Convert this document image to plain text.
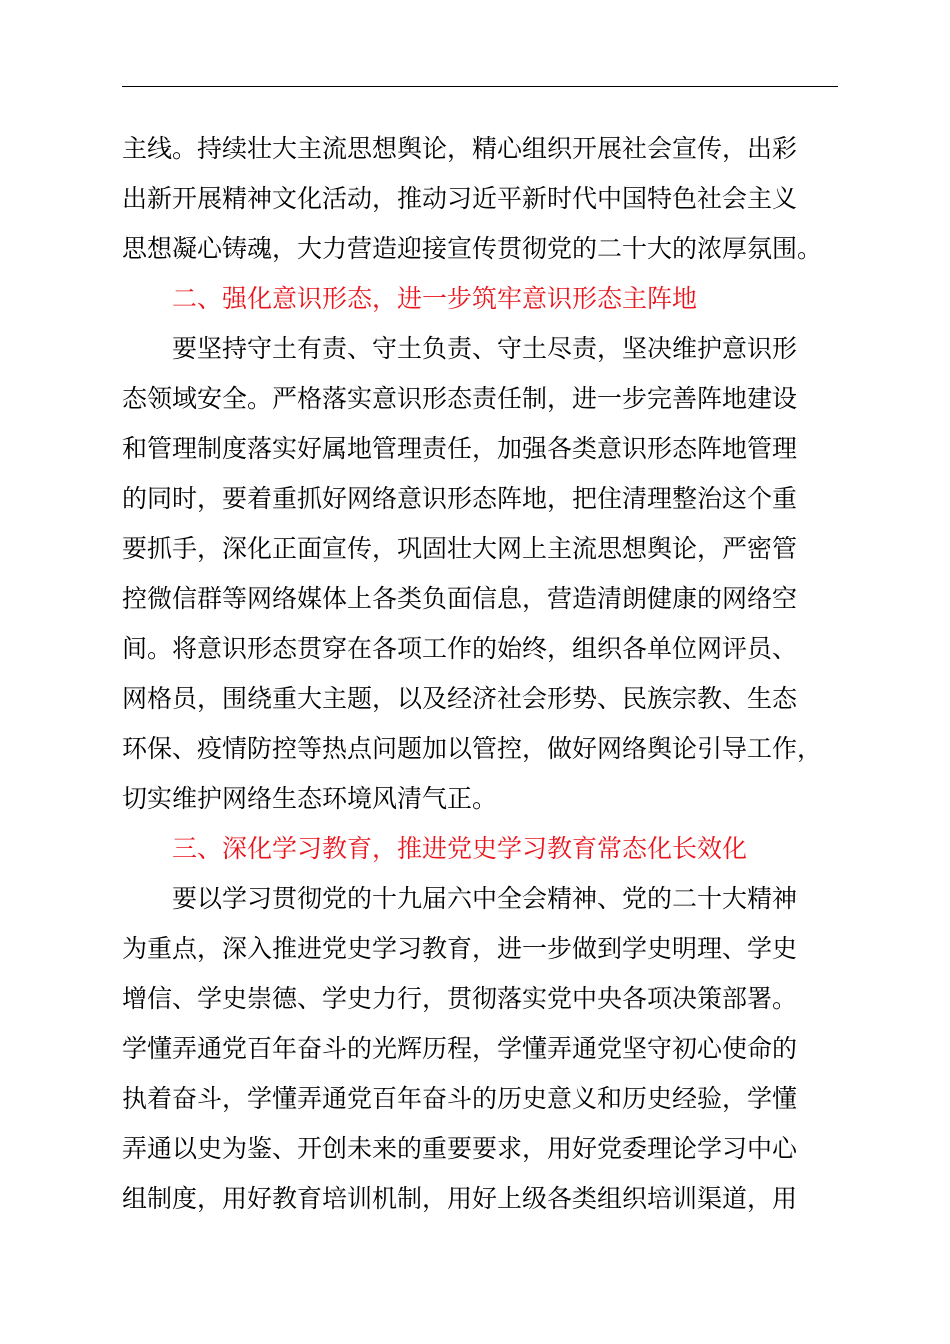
主线。持续壮大主流思想舆论，精心组织开展社会宣传，出彩
出新开展精神文化活动，推动习近平新时代中国特色社会主义
思想凝心铸魂，大力营造迎接宣传贯彻党的二十大的浓厚氛围。
二、强化意识形态，进一步筑牢意识形态主阵地
要坚持守土有责、守土负责、守土尽责，坚决维护意识形
态领域安全。严格落实意识形态责任制，进一步完善阵地建设
和管理制度落实好属地管理责任，加强各类意识形态阵地管理
的同时，要着重抓好网络意识形态阵地，把住清理整治这个重
要抓手，深化正面宣传，巩固壮大网上主流思想舆论，严密管
控微信群等网络媒体上各类负面信息，营造清朗健康的网络空
间。将意识形态贯穿在各项工作的始终，组织各单位网评员、
网格员，围绕重大主题，以及经济社会形势、民族宗教、生态
环保、疫情防控等热点问题加以管控，做好网络舆论引导工作，
切实维护网络生态环境风清气正。
三、深化学习教育，推进党史学习教育常态化长效化
要以学习贯彻党的十九届六中全会精神、党的二十大精神
为重点，深入推进党史学习教育，进一步做到学史明理、学史
增信、学史崇德、学史力行，贯彻落实党中央各项决策部署。
学懂弄通党百年奋斗的光辉历程，学懂弄通党坚守初心使命的
执着奋斗，学懂弄通党百年奋斗的历史意义和历史经验，学懂
弄通以史为鉴、开创未来的重要要求，用好党委理论学习中心
组制度，用好教育培训机制，用好上级各类组织培训渠道，用
